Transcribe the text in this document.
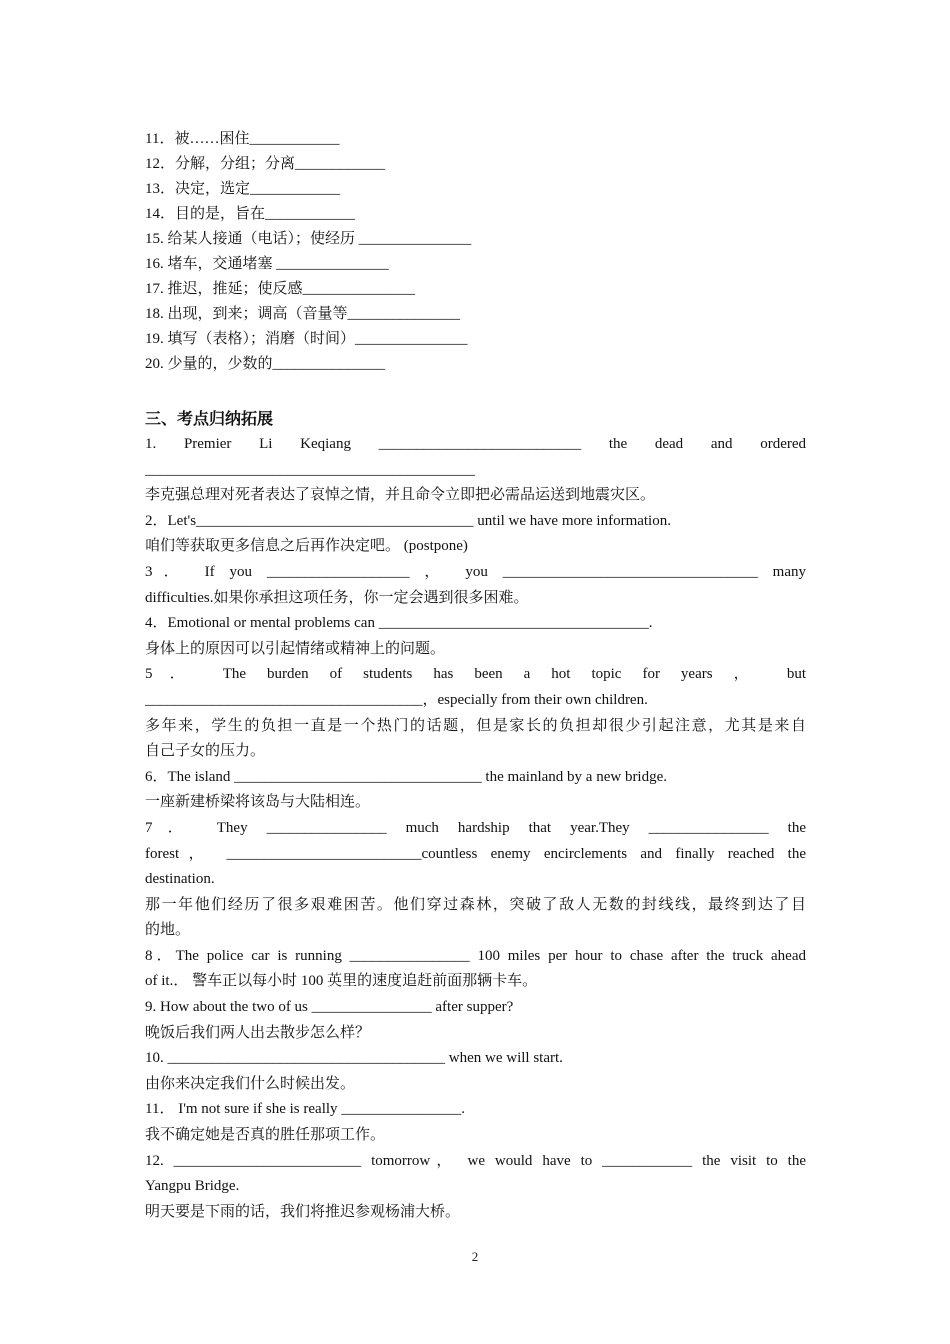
11．被……困住____________
12．分解，分组；分离____________
13．决定，选定____________
14．目的是，旨在____________
15. 给某人接通（电话）；使经历 _______________
16. 堵车，交通堵塞 _______________
17. 推迟，推延；使反感_______________
18. 出现，到来；调高（音量等_______________
19. 填写（表格）；消磨（时间）_______________
20. 少量的，少数的_______________
三、考点归纳拓展

1. Premier Li Keqiang ___________________________ the dead and ordered

____________________________________________

李克强总理对死者表达了哀悼之情，并且命令立即把必需品运送到地震灾区。

2．Let's_____________________________________ until we have more information.

咱们等获取更多信息之后再作决定吧。 (postpone)

3． If you ___________________ ， you __________________________________ many

difficulties.如果你承担这项任务，你一定会遇到很多困难。

4．Emotional or mental problems can ____________________________________.

身体上的原因可以引起情绪或精神上的问题。

5． The burden of students has been a hot topic for years ， but

_____________________________________，especially from their own children.

多年来，学生的负担一直是一个热门的话题，但是家长的负担却很少引起注意，尤其是来自

自己子女的压力。

6．The island _________________________________ the mainland by a new bridge.

一座新建桥梁将该岛与大陆相连。

7． They ________________ much hardship that year.They ________________ the

forest， __________________________countless enemy encirclements and finally reached the

destination.

那一年他们经历了很多艰难困苦。他们穿过森林，突破了敌人无数的封线线，最终到达了目

的地。

8．The police car is running ________________ 100 miles per hour to chase after the truck ahead

of it.． 警车正以每小时 100 英里的速度追赶前面那辆卡车。

9. How about the two of us ________________ after supper?

晚饭后我们两人出去散步怎么样？

10. _____________________________________ when we will start.

由你来决定我们什么时候出发。

11． I'm not sure if she is really ________________.

我不确定她是否真的胜任那项工作。

12. _________________________ tomorrow， we would have to ____________ the visit to the

Yangpu Bridge.

明天要是下雨的话，我们将推迟参观杨浦大桥。

2
